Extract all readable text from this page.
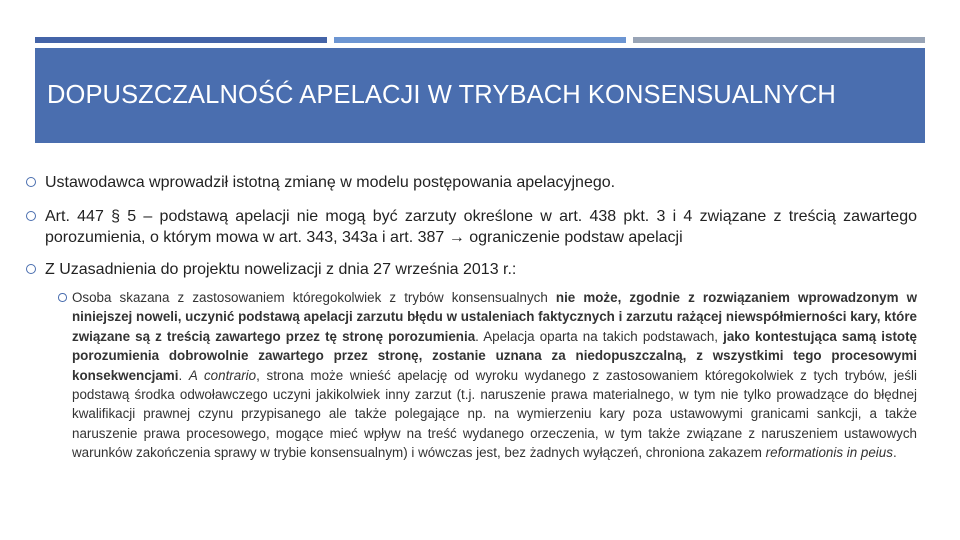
DOPUSZCZALNOŚĆ APELACJI W TRYBACH KONSENSUALNYCH
Ustawodawca wprowadził istotną zmianę w modelu postępowania apelacyjnego.
Art. 447 § 5 – podstawą apelacji nie mogą być zarzuty określone w art. 438 pkt. 3 i 4 związane z treścią zawartego porozumienia, o którym mowa w art. 343, 343a i art. 387 → ograniczenie podstaw apelacji
Z Uzasadnienia do projektu nowelizacji z dnia 27 września 2013 r.:
Osoba skazana z zastosowaniem któregokolwiek z trybów konsensualnych nie może, zgodnie z rozwiązaniem wprowadzonym w niniejszej noweli, uczynić podstawą apelacji zarzutu błędu w ustaleniach faktycznych i zarzutu rażącej niewspółmierności kary, które związane są z treścią zawartego przez tę stronę porozumienia. Apelacja oparta na takich podstawach, jako kontestująca samą istotę porozumienia dobrowolnie zawartego przez stronę, zostanie uznana za niedopuszczalną, z wszystkimi tego procesowymi konsekwencjami. A contrario, strona może wnieść apelację od wyroku wydanego z zastosowaniem któregokolwiek z tych trybów, jeśli podstawą środka odwoławczego uczyni jakikolwiek inny zarzut (t.j. naruszenie prawa materialnego, w tym nie tylko prowadzące do błędnej kwalifikacji prawnej czynu przypisanego ale także polegające np. na wymierzeniu kary poza ustawowymi granicami sankcji, a także naruszenie prawa procesowego, mogące mieć wpływ na treść wydanego orzeczenia, w tym także związane z naruszeniem ustawowych warunków zakończenia sprawy w trybie konsensualnym) i wówczas jest, bez żadnych wyłączeń, chroniona zakazem reformationis in peius.
